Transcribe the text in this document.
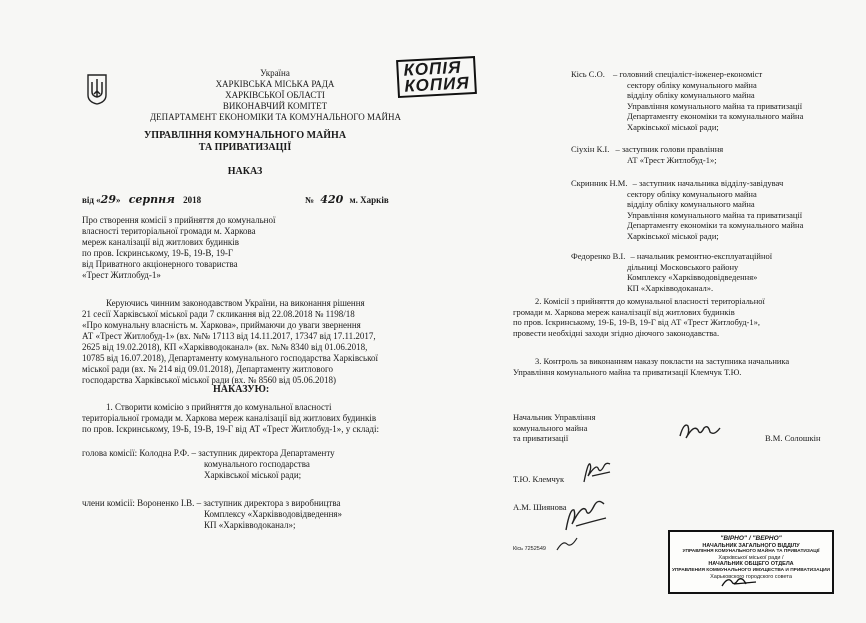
Україна
ХАРКІВСЬКА МІСЬКА РАДА
ХАРКІВСЬКОЇ ОБЛАСТІ
ВИКОНАВЧИЙ КОМІТЕТ
ДЕПАРТАМЕНТ ЕКОНОМІКИ ТА КОМУНАЛЬНОГО МАЙНА
КОПІЯ
КОПИЯ
УПРАВЛІННЯ КОМУНАЛЬНОГО МАЙНА
ТА ПРИВАТИЗАЦІЇ
НАКАЗ
від «29» серпня 2018	№ 420 м. Харків
Про створення комісії з прийняття до комунальної
власності територіальної громади м. Харкова
мереж каналізації від житлових будинків
по пров. Іскринському, 19-Б, 19-В, 19-Г
від Приватного акціонерного товариства
«Трест Житлобуд-1»
Керуючись чинним законодавством України, на виконання рішення
21 сесії Харківської міської ради 7 скликання від 22.08.2018 № 1198/18
«Про комунальну власність м. Харкова», приймаючи до уваги звернення
АТ «Трест Житлобуд-1» (вх. №№ 17113 від 14.11.2017, 17347 від 17.11.2017,
2625 від 19.02.2018), КП «Харківводоканал» (вх. №№ 8340 від 01.06.2018,
10785 від 16.07.2018), Департаменту комунального господарства Харківської
міської ради (вх. № 214 від 09.01.2018), Департаменту житлового
господарства Харківської міської ради (вх. № 8560 від 05.06.2018)
НАКАЗУЮ:
1. Створити комісію з прийняття до комунальної власності
територіальної громади м. Харкова мереж каналізації від житлових будинків
по пров. Іскринському, 19-Б, 19-В, 19-Г від АТ «Трест Житлобуд-1», у складі:
голова комісії: Колодна Р.Ф. – заступник директора Департаменту
комунального господарства
Харківської міської ради;
члени комісії: Вороненко І.В. – заступник директора з виробництва
Комплексу «Харківводовідведення»
КП «Харківводоканал»;
Кісь С.О. – головний спеціаліст-інженер-економіст
сектору обліку комунального майна
відділу обліку комунального майна
Управління комунального майна та приватизації
Департаменту економіки та комунального майна
Харківської міської ради;
Сіухін К.І. – заступник голови правління
АТ «Трест Житлобуд-1»;
Скринник Н.М. – заступник начальника відділу-завідувач
сектору обліку комунального майна
відділу обліку комунального майна
Управління комунального майна та приватизації
Департаменту економіки та комунального майна
Харківської міської ради;
Федоренко В.І. – начальник ремонтно-експлуатаційної
дільниці Московського району
Комплексу «Харківводовідведення»
КП «Харківводоканал».
2. Комісії з прийняття до комунальної власності територіальної
громади м. Харкова мереж каналізації від житлових будинків
по пров. Іскринському, 19-Б, 19-В, 19-Г від АТ «Трест Житлобуд-1»,
провести необхідні заходи згідно діючого законодавства.
3. Контроль за виконанням наказу покласти на заступника начальника
Управління комунального майна та приватизації Клемчук Т.Ю.
Начальник Управління
комунального майна
та приватизації	В.М. Солошкін
Т.Ю. Клемчук
А.М. Шиянова
Кісь 7252549
"ВІРНО" / "ВЕРНО"
НАЧАЛЬНИК ЗАГАЛЬНОГО ВІДДІЛУ
УПРАВЛІННЯ КОМУНАЛЬНОГО МАЙНА ТА ПРИВАТИЗАЦІЇ
Харківської міської ради /
НАЧАЛЬНИК ОБЩЕГО ОТДЕЛА
УПРАВЛЕНИЯ КОММУНАЛЬНОГО ИМУЩЕСТВА И ПРИВАТИЗАЦИИ
Харьковского городского совета
